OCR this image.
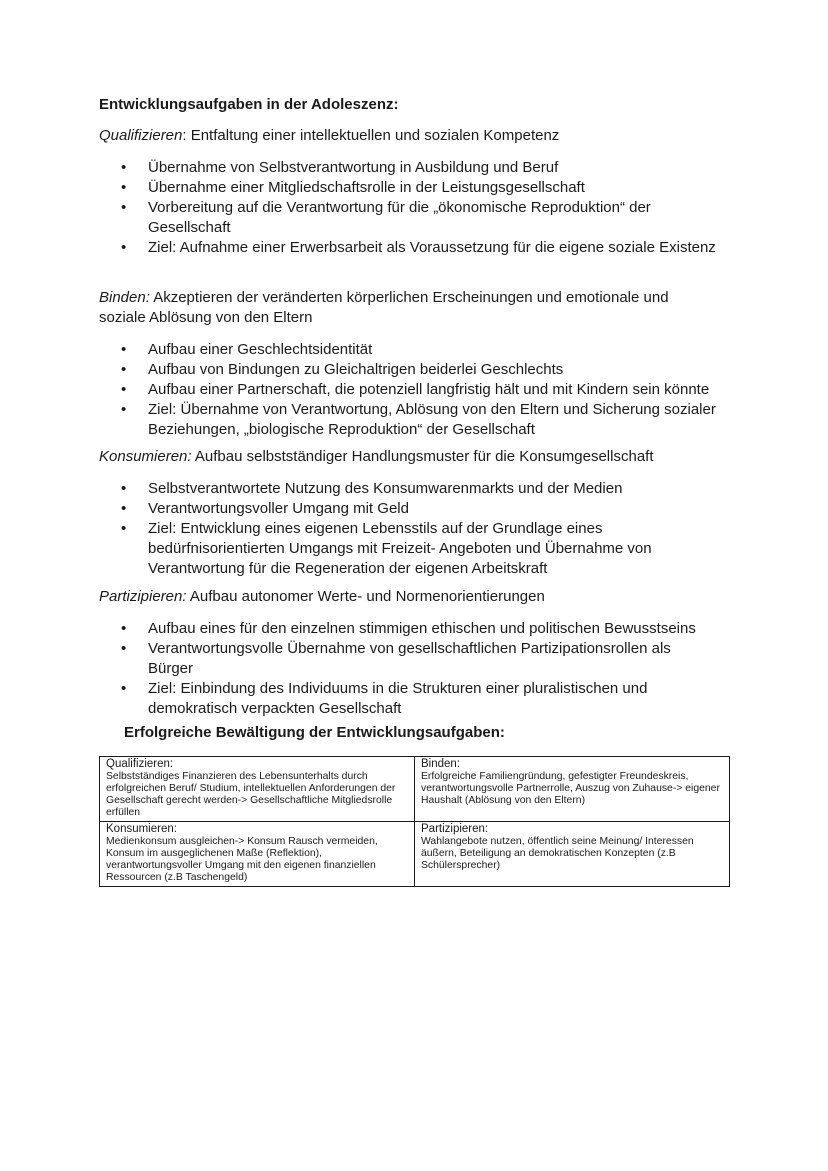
Entwicklungsaufgaben in der Adoleszenz:

Qualifizieren: Entfaltung einer intellektuellen und sozialen Kompetenz

• Übernahme von Selbstverantwortung in Ausbildung und Beruf
• Übernahme einer Mitgliedschaftsrolle in der Leistungsgesellschaft
• Vorbereitung auf die Verantwortung für die „ökonomische Reproduktion“ der Gesellschaft
• Ziel: Aufnahme einer Erwerbsarbeit als Voraussetzung für die eigene soziale Existenz

Binden: Akzeptieren der veränderten körperlichen Erscheinungen und emotionale und soziale Ablösung von den Eltern

• Aufbau einer Geschlechtsidentität
• Aufbau von Bindungen zu Gleichaltrigen beiderlei Geschlechts
• Aufbau einer Partnerschaft, die potenziell langfristig hält und mit Kindern sein könnte
• Ziel: Übernahme von Verantwortung, Ablösung von den Eltern und Sicherung sozialer Beziehungen, „biologische Reproduktion“ der Gesellschaft

Konsumieren: Aufbau selbstständiger Handlungsmuster für die Konsumgesellschaft

• Selbstverantwortete Nutzung des Konsumwarenmarkts und der Medien
• Verantwortungsvoller Umgang mit Geld
• Ziel: Entwicklung eines eigenen Lebensstils auf der Grundlage eines bedürfnisorientierten Umgangs mit Freizeit- Angeboten und Übernahme von Verantwortung für die Regeneration der eigenen Arbeitskraft

Partizipieren: Aufbau autonomer Werte- und Normenorientierungen

• Aufbau eines für den einzelnen stimmigen ethischen und politischen Bewusstseins
• Verantwortungsvolle Übernahme von gesellschaftlichen Partizipationsrollen als Bürger
• Ziel: Einbindung des Individuums in die Strukturen einer pluralistischen und demokratisch verpackten Gesellschaft
Erfolgreiche Bewältigung der Entwicklungsaufgaben:
Qualifizieren:
Selbstständiges Finanzieren des Lebensunterhalts durch erfolgreichen Beruf/ Studium, intellektuellen Anforderungen der Gesellschaft gerecht werden-> Gesellschaftliche Mitgliedsrolle erfüllen	Binden:
Erfolgreiche Familiengründung, gefestigter Freundeskreis, verantwortungsvolle Partnerrolle, Auszug von Zuhause-> eigener Haushalt (Ablösung von den Eltern)

Konsumieren:
Medienkonsum ausgleichen-> Konsum Rausch vermeiden, Konsum im ausgeglichenen Maße (Reflektion), verantwortungsvoller Umgang mit den eigenen finanziellen Ressourcen (z.B Taschengeld)	Partizipieren:
Wahlangebote nutzen, öffentlich seine Meinung/ Interessen äußern, Beteiligung an demokratischen Konzepten (z.B Schülersprecher)
